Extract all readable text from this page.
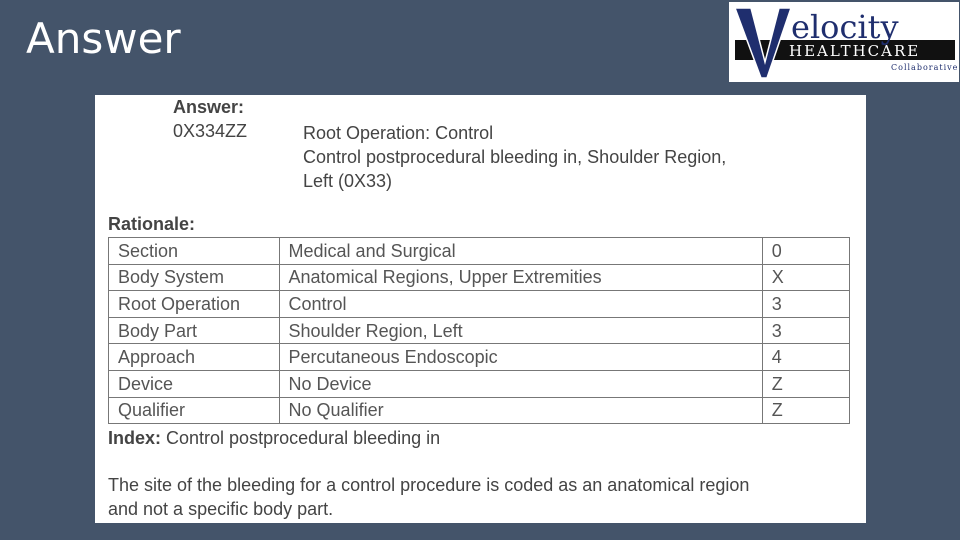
Answer	elocity
HEALTHCARE
Collaborative
Answer:
0X334ZZ	Root Operation: Control
Control postprocedural bleeding in, Shoulder Region,
Left (0X33)
Rationale:
Section	Medical and Surgical	0
Body System	Anatomical Regions, Upper Extremities	X
Root Operation	Control	3
Body Part	Shoulder Region, Left	3
Approach	Percutaneous Endoscopic	4
Device	No Device	Z
Qualifier	No Qualifier	Z
Index: Control postprocedural bleeding in
The site of the bleeding for a control procedure is coded as an anatomical region
and not a specific body part.
